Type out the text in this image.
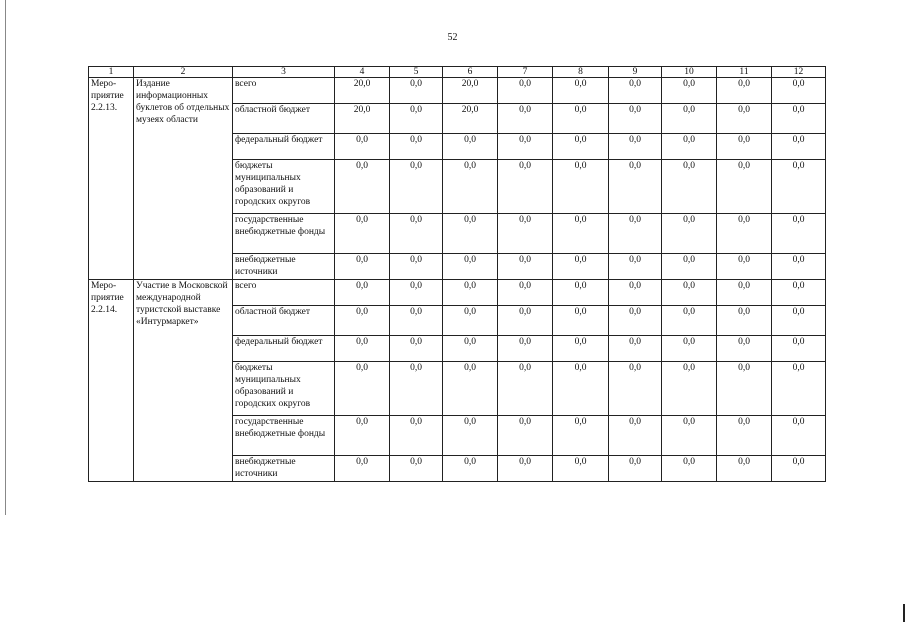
52
1	2	3	4	5	6	7	8	9	10	11	12

Меро-
приятие
2.2.13.	Издание информационных буклетов об отдельных музеях области	всего	20,0	0,0	20,0	0,0	0,0	0,0	0,0	0,0	0,0
		областной бюджет	20,0	0,0	20,0	0,0	0,0	0,0	0,0	0,0	0,0
		федеральный бюджет	0,0	0,0	0,0	0,0	0,0	0,0	0,0	0,0	0,0
		бюджеты муниципальных образований и городских округов	0,0	0,0	0,0	0,0	0,0	0,0	0,0	0,0	0,0
		государственные внебюджетные фонды	0,0	0,0	0,0	0,0	0,0	0,0	0,0	0,0	0,0
		внебюджетные источники	0,0	0,0	0,0	0,0	0,0	0,0	0,0	0,0	0,0

Меро-
приятие
2.2.14.	Участие в Московской международной туристской выставке «Интурмаркет»	всего	0,0	0,0	0,0	0,0	0,0	0,0	0,0	0,0	0,0
		областной бюджет	0,0	0,0	0,0	0,0	0,0	0,0	0,0	0,0	0,0
		федеральный бюджет	0,0	0,0	0,0	0,0	0,0	0,0	0,0	0,0	0,0
		бюджеты муниципальных образований и городских округов	0,0	0,0	0,0	0,0	0,0	0,0	0,0	0,0	0,0
		государственные внебюджетные фонды	0,0	0,0	0,0	0,0	0,0	0,0	0,0	0,0	0,0
		внебюджетные источники	0,0	0,0	0,0	0,0	0,0	0,0	0,0	0,0	0,0
